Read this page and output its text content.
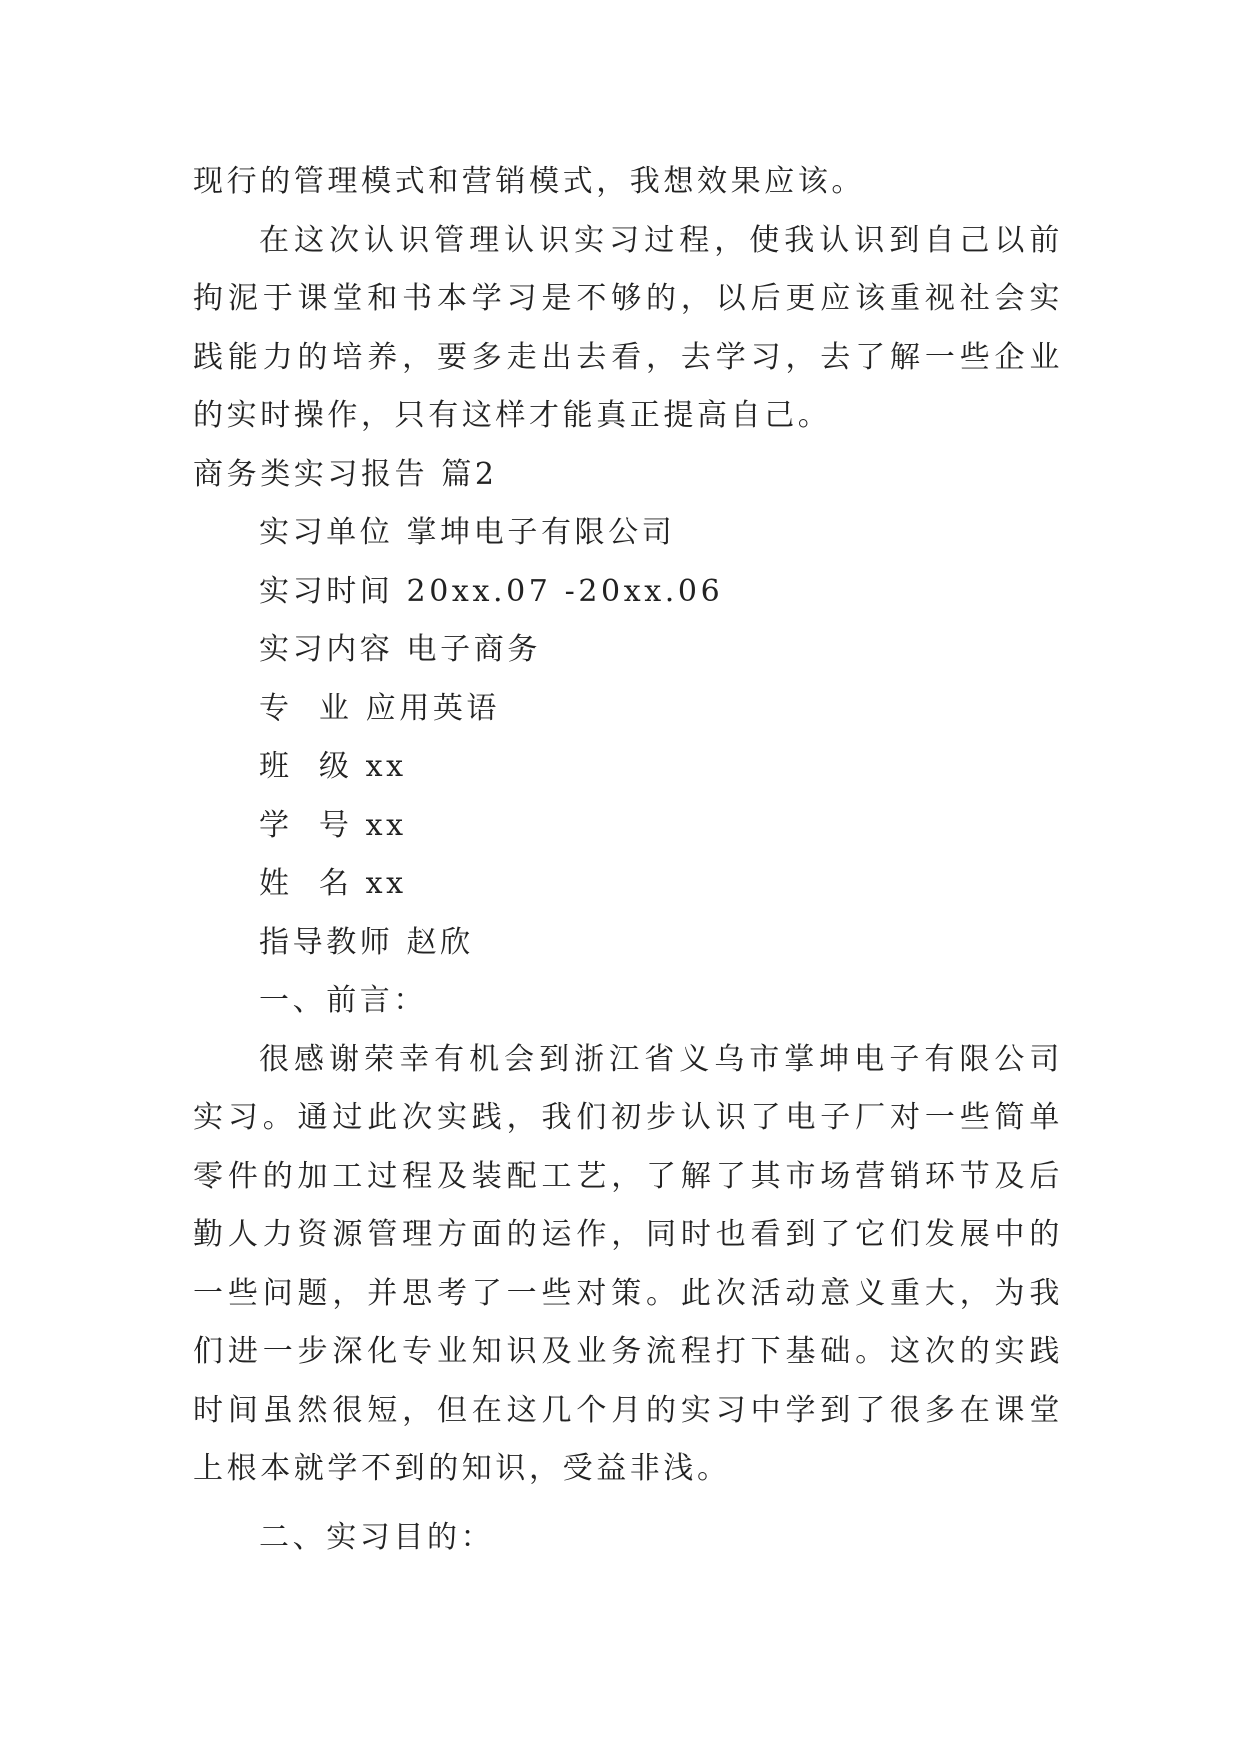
现行的管理模式和营销模式，我想效果应该。

在这次认识管理认识实习过程，使我认识到自己以前拘泥于课堂和书本学习是不够的，以后更应该重视社会实践能力的培养，要多走出去看，去学习，去了解一些企业的实时操作，只有这样才能真正提高自己。

商务类实习报告 篇2

实习单位 掌坤电子有限公司

实习时间 20xx.07 -20xx.06

实习内容 电子商务

专  业 应用英语

班  级 xx

学  号 xx

姓  名 xx

指导教师 赵欣

一、前言：

很感谢荣幸有机会到浙江省义乌市掌坤电子有限公司实习。通过此次实践，我们初步认识了电子厂对一些简单零件的加工过程及装配工艺，了解了其市场营销环节及后勤人力资源管理方面的运作，同时也看到了它们发展中的一些问题，并思考了一些对策。此次活动意义重大，为我们进一步深化专业知识及业务流程打下基础。这次的实践时间虽然很短，但在这几个月的实习中学到了很多在课堂上根本就学不到的知识，受益非浅。

二、实习目的：
